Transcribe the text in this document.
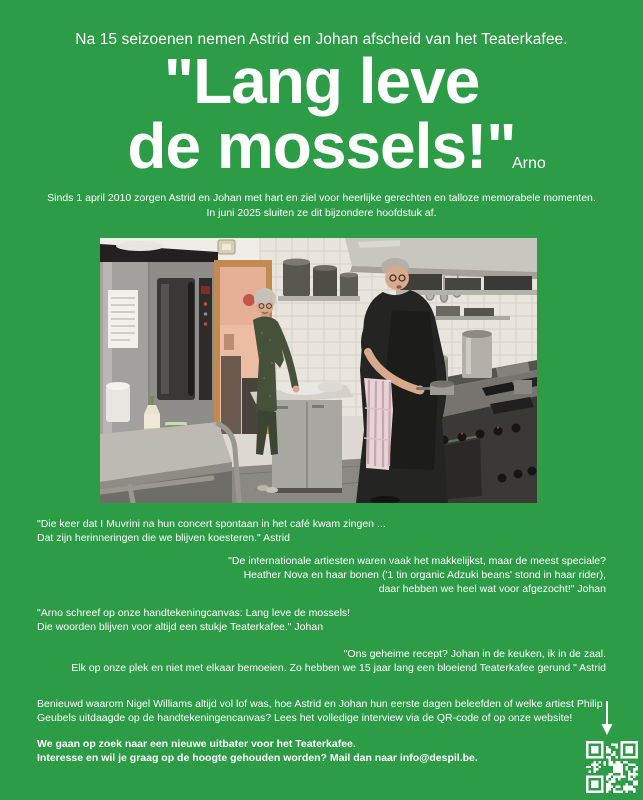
Na 15 seizoenen nemen Astrid en Johan afscheid van het Teaterkafee.
"Lang leve
de mossels!"
Arno
Sinds 1 april 2010 zorgen Astrid en Johan met hart en ziel voor heerlijke gerechten en talloze memorabele momenten.
In juni 2025 sluiten ze dit bijzondere hoofdstuk af.
"Die keer dat I Muvrini na hun concert spontaan in het café kwam zingen ...
Dat zijn herinneringen die we blijven koesteren." Astrid
"De internationale artiesten waren vaak het makkelijkst, maar de meest speciale?
Heather Nova en haar bonen ('1 tin organic Adzuki beans' stond in haar rider),
daar hebben we heel wat voor afgezocht!" Johan
"Arno schreef op onze handtekeningcanvas: Lang leve de mossels!
Die woorden blijven voor altijd een stukje Teaterkafee." Johan
"Ons geheime recept? Johan in de keuken, ik in de zaal.
Elk op onze plek en niet met elkaar bemoeien. Zo hebben we 15 jaar lang een bloeiend Teaterkafee gerund." Astrid
Benieuwd waarom Nigel Williams altijd vol lof was, hoe Astrid en Johan hun eerste dagen beleefden of welke artiest Philip
Geubels uitdaagde op de handtekeningencanvas? Lees het volledige interview via de QR-code of op onze website!
We gaan op zoek naar een nieuwe uitbater voor het Teaterkafee.
Interesse en wil je graag op de hoogte gehouden worden? Mail dan naar info@despil.be.
